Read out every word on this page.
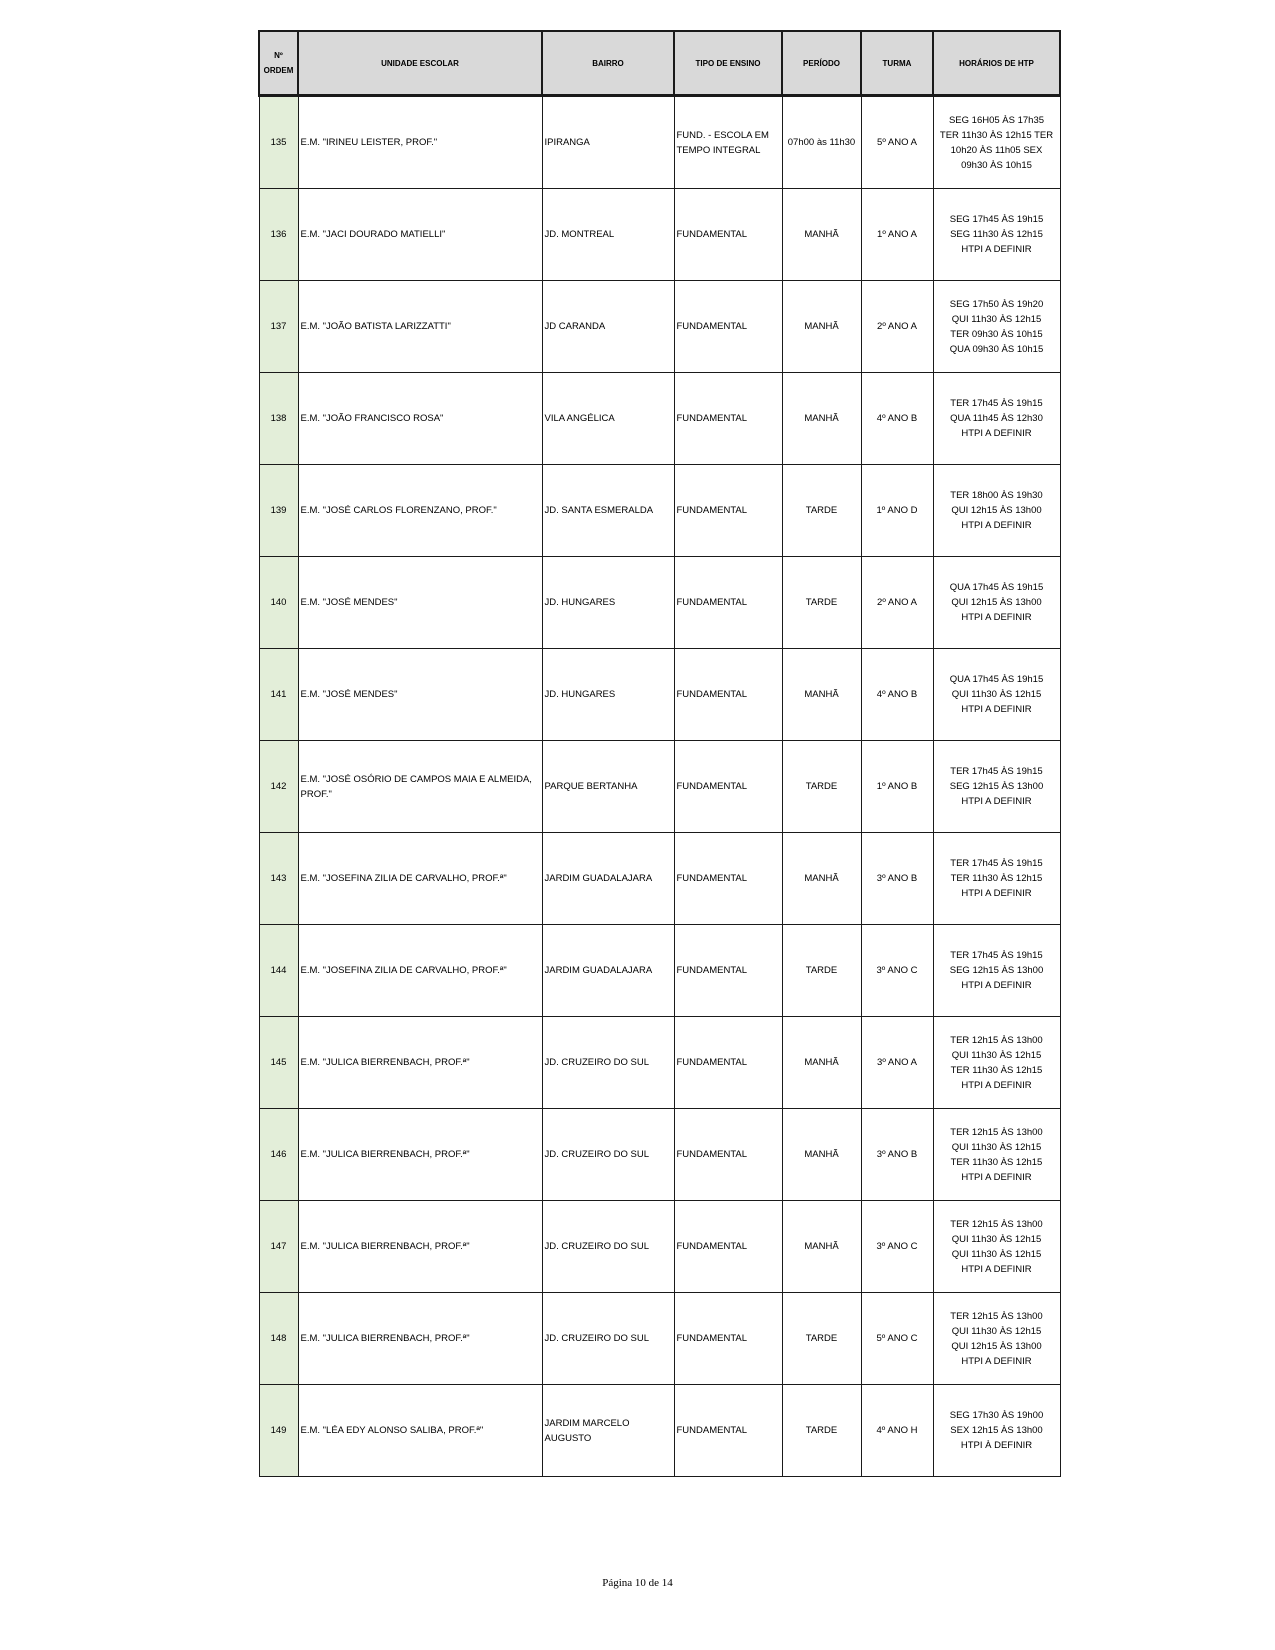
Nº ORDEM	UNIDADE ESCOLAR	BAIRRO	TIPO DE ENSINO	PERÍODO	TURMA	HORÁRIOS DE HTP
135	E.M. "IRINEU LEISTER, PROF."	IPIRANGA	FUND. - ESCOLA EM TEMPO INTEGRAL	07h00 às 11h30	5º ANO A	SEG 16H05 ÀS 17h35
TER 11h30 ÀS 12h15 TER
10h20 ÀS 11h05 SEX
09h30 ÀS 10h15

136	E.M. "JACI DOURADO MATIELLI"	JD. MONTREAL	FUNDAMENTAL	MANHÃ	1º ANO A	SEG 17h45 ÀS 19h15
SEG 11h30 ÀS 12h15
HTPI A DEFINIR

137	E.M. "JOÃO BATISTA LARIZZATTI"	JD CARANDA	FUNDAMENTAL	MANHÃ	2º ANO A	SEG 17h50 ÀS 19h20
QUI 11h30 ÀS 12h15
TER 09h30 ÀS 10h15
QUA 09h30 ÀS 10h15

138	E.M. "JOÃO FRANCISCO ROSA"	VILA ANGÉLICA	FUNDAMENTAL	MANHÃ	4º ANO B	TER 17h45 ÀS 19h15
QUA 11h45 ÀS 12h30
HTPI A DEFINIR

139	E.M. "JOSÉ CARLOS FLORENZANO, PROF."	JD. SANTA ESMERALDA	FUNDAMENTAL	TARDE	1º ANO D	TER 18h00 ÀS 19h30
QUI 12h15 ÀS 13h00
HTPI A DEFINIR

140	E.M. "JOSÉ MENDES"	JD. HUNGARES	FUNDAMENTAL	TARDE	2º ANO A	QUA 17h45 ÀS 19h15
QUI 12h15 ÀS 13h00
HTPI A DEFINIR

141	E.M. "JOSÉ MENDES"	JD. HUNGARES	FUNDAMENTAL	MANHÃ	4º ANO B	QUA 17h45 ÀS 19h15
QUI 11h30 ÀS 12h15
HTPI A DEFINIR

142	E.M. "JOSÉ OSÓRIO DE CAMPOS MAIA E ALMEIDA, PROF."	PARQUE BERTANHA	FUNDAMENTAL	TARDE	1º ANO B	TER 17h45 ÀS 19h15
SEG 12h15 ÀS 13h00
HTPI A DEFINIR

143	E.M. "JOSEFINA ZILIA DE CARVALHO, PROF.ª"	JARDIM GUADALAJARA	FUNDAMENTAL	MANHÃ	3º ANO B	TER 17h45 ÀS 19h15
TER 11h30 ÀS 12h15
HTPI A DEFINIR

144	E.M. "JOSEFINA ZILIA DE CARVALHO, PROF.ª"	JARDIM GUADALAJARA	FUNDAMENTAL	TARDE	3º ANO C	TER 17h45 ÀS 19h15
SEG 12h15 ÀS 13h00
HTPI A DEFINIR

145	E.M. "JULICA BIERRENBACH, PROF.ª"	JD. CRUZEIRO DO SUL	FUNDAMENTAL	MANHÃ	3º ANO A	TER 12h15 ÀS 13h00
QUI 11h30 ÀS 12h15
TER 11h30 ÀS 12h15
HTPI A DEFINIR

146	E.M. "JULICA BIERRENBACH, PROF.ª"	JD. CRUZEIRO DO SUL	FUNDAMENTAL	MANHÃ	3º ANO B	TER 12h15 ÀS 13h00
QUI 11h30 ÀS 12h15
TER 11h30 ÀS 12h15
HTPI A DEFINIR

147	E.M. "JULICA BIERRENBACH, PROF.ª"	JD. CRUZEIRO DO SUL	FUNDAMENTAL	MANHÃ	3º ANO C	TER 12h15 ÀS 13h00
QUI 11h30 ÀS 12h15
QUI 11h30 ÀS 12h15
HTPI A DEFINIR

148	E.M. "JULICA BIERRENBACH, PROF.ª"	JD. CRUZEIRO DO SUL	FUNDAMENTAL	TARDE	5º ANO C	TER 12h15 ÀS 13h00
QUI 11h30 ÀS 12h15
QUI 12h15 ÀS 13h00
HTPI A DEFINIR

149	E.M. "LÉA EDY ALONSO SALIBA, PROF.ª"	JARDIM MARCELO AUGUSTO	FUNDAMENTAL	TARDE	4º ANO H	SEG 17h30 ÀS 19h00
SEX 12h15 ÀS 13h00
HTPI À DEFINIR
Página 10 de 14
